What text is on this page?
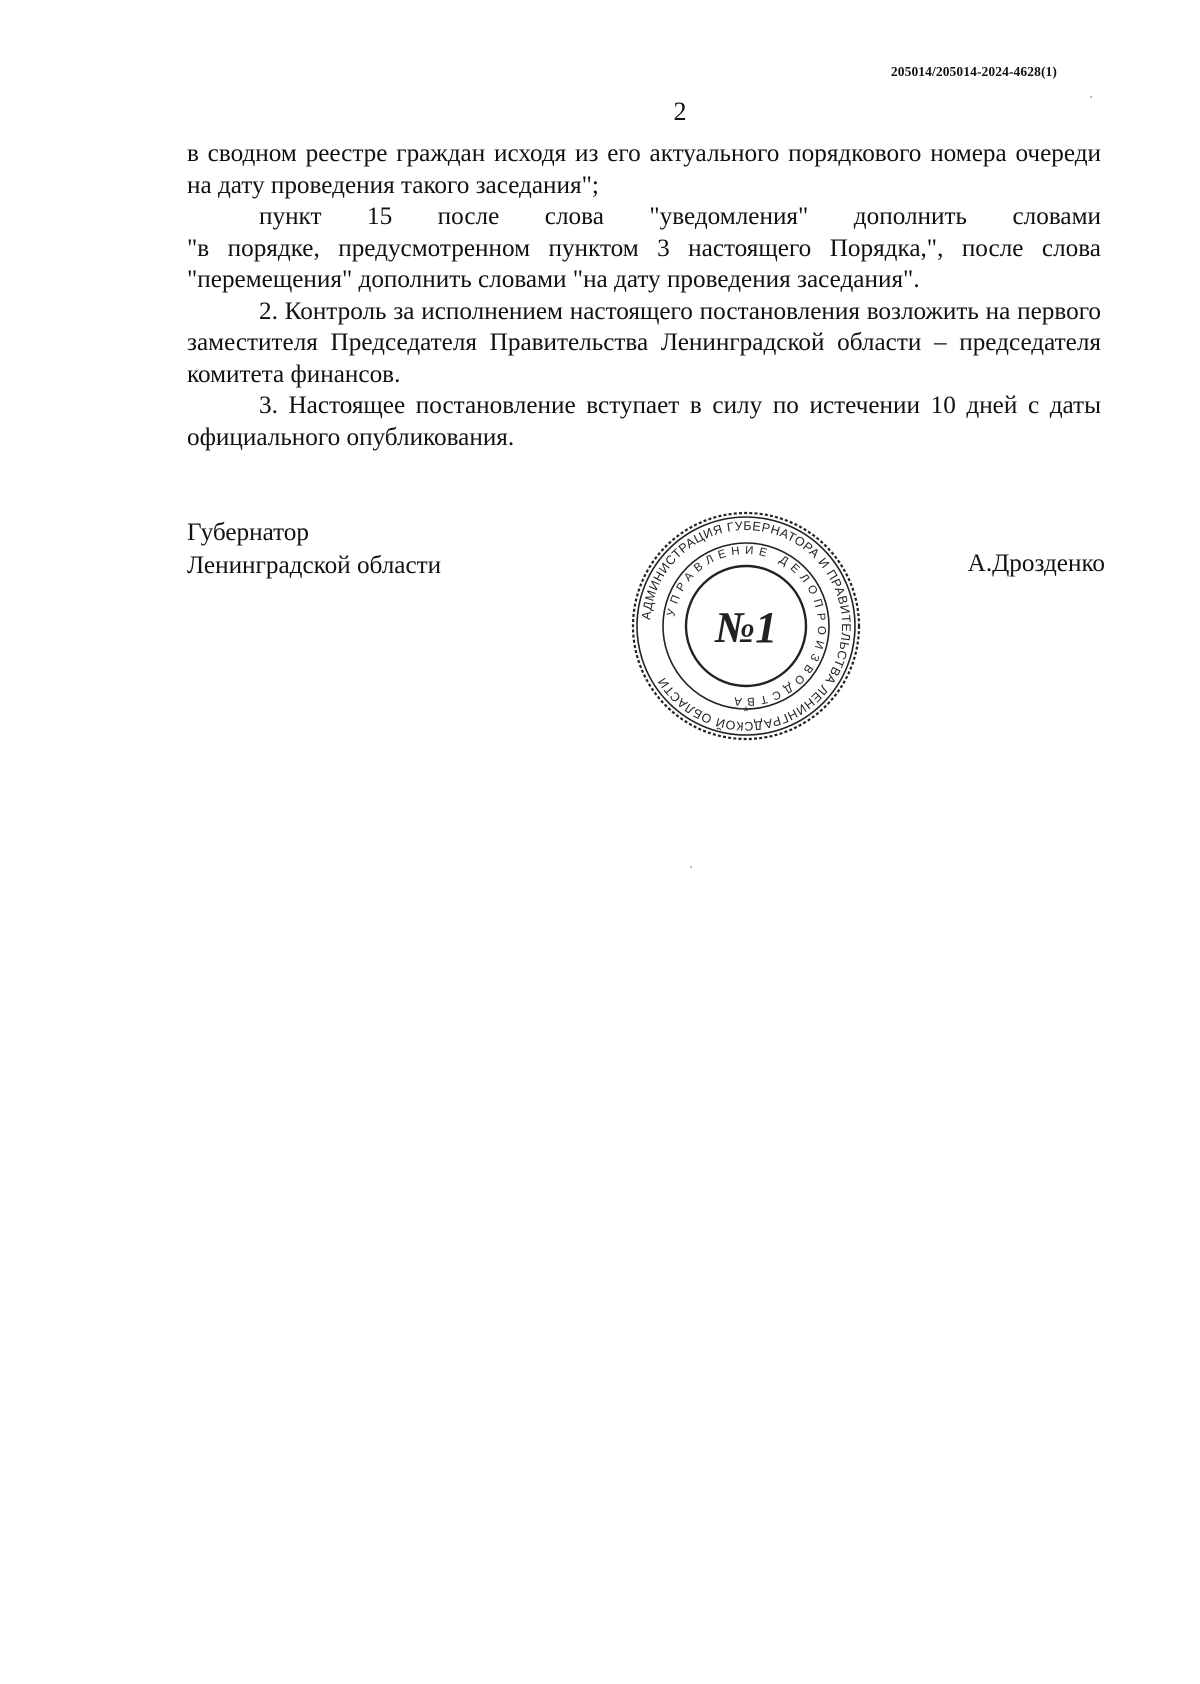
205014/205014-2024-4628(1)
2

в сводном реестре граждан исходя из его актуального порядкового номера очереди на дату проведения такого заседания";

пункт 15 после слова "уведомления" дополнить словами

"в порядке, предусмотренном пунктом 3 настоящего Порядка,", после слова "перемещения" дополнить словами "на дату проведения заседания".

2. Контроль за исполнением настоящего постановления возложить на первого заместителя Председателя Правительства Ленинградской области – председателя комитета финансов.

3. Настоящее постановление вступает в силу по истечении 10 дней с даты официального опубликования.

Губернатор
Ленинградской области	А.Дрозденко
АДМИНИСТРАЦИЯ ГУБЕРНАТОРА И ПРАВИТЕЛЬСТВА ЛЕНИНГРАДСКОЙ ОБЛАСТИ
УПРАВЛЕНИЕ ДЕЛОПРОИЗВОДСТВА
№1
*
